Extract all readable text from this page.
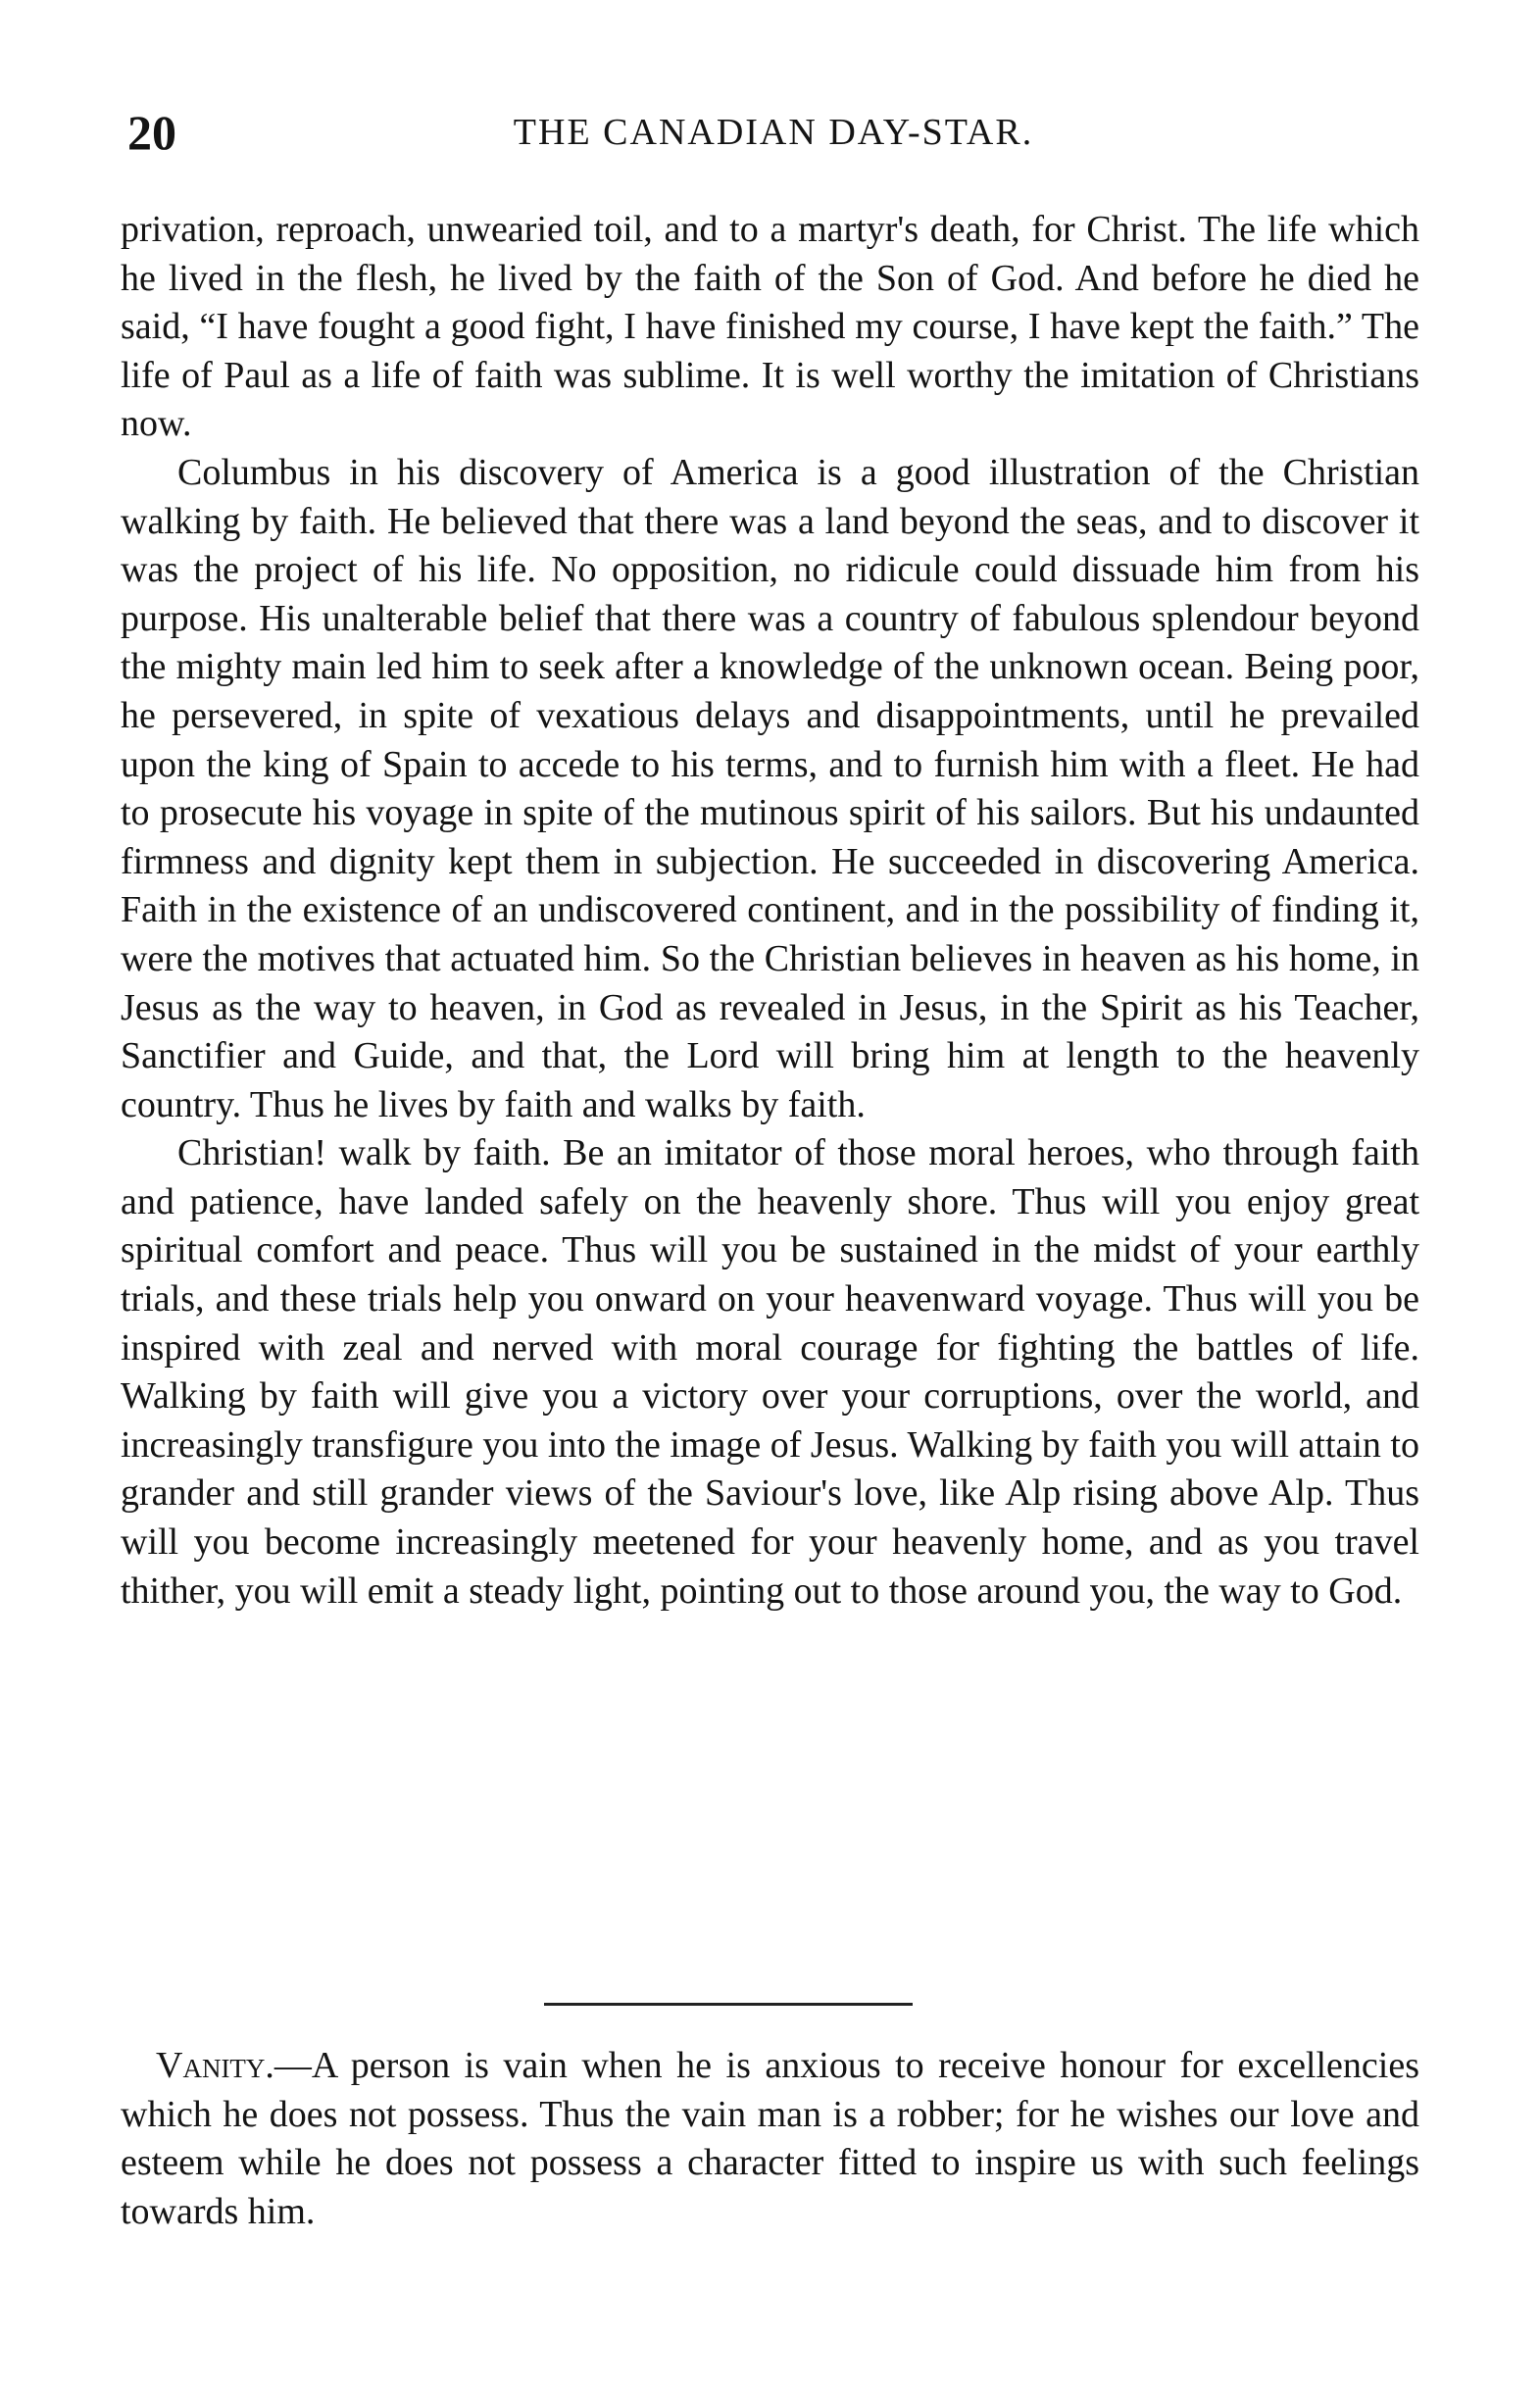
20	THE CANADIAN DAY-STAR.

privation, reproach, unwearied toil, and to a martyr's death, for Christ. The life which he lived in the flesh, he lived by the faith of the Son of God. And before he died he said, “I have fought a good fight, I have finished my course, I have kept the faith.” The life of Paul as a life of faith was sublime. It is well worthy the imitation of Christians now.

Columbus in his discovery of America is a good illustration of the Christian walking by faith. He believed that there was a land beyond the seas, and to discover it was the project of his life. No opposition, no ridicule could dissuade him from his purpose. His unalterable belief that there was a country of fabulous splendour beyond the mighty main led him to seek after a knowledge of the unknown ocean. Being poor, he persevered, in spite of vexatious delays and disappointments, until he prevailed upon the king of Spain to accede to his terms, and to furnish him with a fleet. He had to prosecute his voyage in spite of the mutinous spirit of his sailors. But his undaunted firmness and dignity kept them in subjection. He succeeded in discovering America. Faith in the existence of an undiscovered continent, and in the possibility of finding it, were the motives that actuated him. So the Christian believes in heaven as his home, in Jesus as the way to heaven, in God as revealed in Jesus, in the Spirit as his Teacher, Sanctifier and Guide, and that, the Lord will bring him at length to the heavenly country. Thus he lives by faith and walks by faith.

Christian! walk by faith. Be an imitator of those moral heroes, who through faith and patience, have landed safely on the heavenly shore. Thus will you enjoy great spiritual comfort and peace. Thus will you be sustained in the midst of your earthly trials, and these trials help you onward on your heavenward voyage. Thus will you be inspired with zeal and nerved with moral courage for fighting the battles of life. Walking by faith will give you a victory over your corruptions, over the world, and increasingly transfigure you into the image of Jesus. Walking by faith you will attain to grander and still grander views of the Saviour's love, like Alp rising above Alp. Thus will you become increasingly meetened for your heavenly home, and as you travel thither, you will emit a steady light, pointing out to those around you, the way to God.

Vanity.—A person is vain when he is anxious to receive honour for excellencies which he does not possess. Thus the vain man is a robber; for he wishes our love and esteem while he does not possess a character fitted to inspire us with such feelings towards him.
